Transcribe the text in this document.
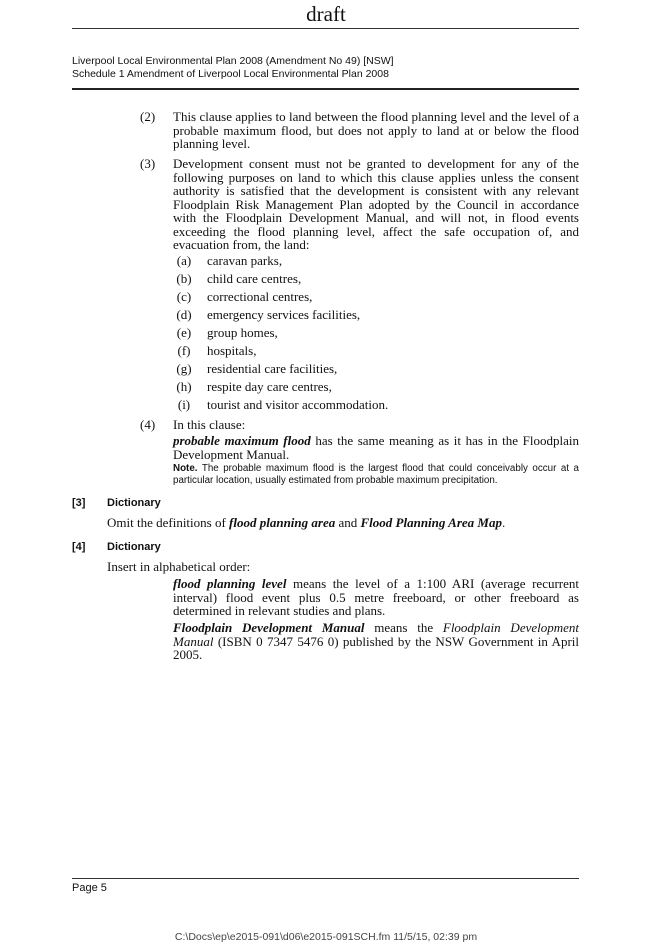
draft
Liverpool Local Environmental Plan 2008 (Amendment No 49) [NSW]
Schedule 1 Amendment of Liverpool Local Environmental Plan 2008
(2) This clause applies to land between the flood planning level and the level of a probable maximum flood, but does not apply to land at or below the flood planning level.
(3) Development consent must not be granted to development for any of the following purposes on land to which this clause applies unless the consent authority is satisfied that the development is consistent with any relevant Floodplain Risk Management Plan adopted by the Council in accordance with the Floodplain Development Manual, and will not, in flood events exceeding the flood planning level, affect the safe occupation of, and evacuation from, the land:
(a) caravan parks,
(b) child care centres,
(c) correctional centres,
(d) emergency services facilities,
(e) group homes,
(f)	hospitals,
(g) residential care facilities,
(h) respite day care centres,
(i)	tourist and visitor accommodation.
(4) In this clause:
probable maximum flood has the same meaning as it has in the Floodplain Development Manual.
Note. The probable maximum flood is the largest flood that could conceivably occur at a particular location, usually estimated from probable maximum precipitation.
[3] Dictionary
Omit the definitions of flood planning area and Flood Planning Area Map.
[4] Dictionary
Insert in alphabetical order:
flood planning level means the level of a 1:100 ARI (average recurrent interval) flood event plus 0.5 metre freeboard, or other freeboard as determined in relevant studies and plans.
Floodplain Development Manual means the Floodplain Development Manual (ISBN 0 7347 5476 0) published by the NSW Government in April 2005.
Page 5
C:\Docs\ep\e2015-091\d06\e2015-091SCH.fm 11/5/15, 02:39 pm
